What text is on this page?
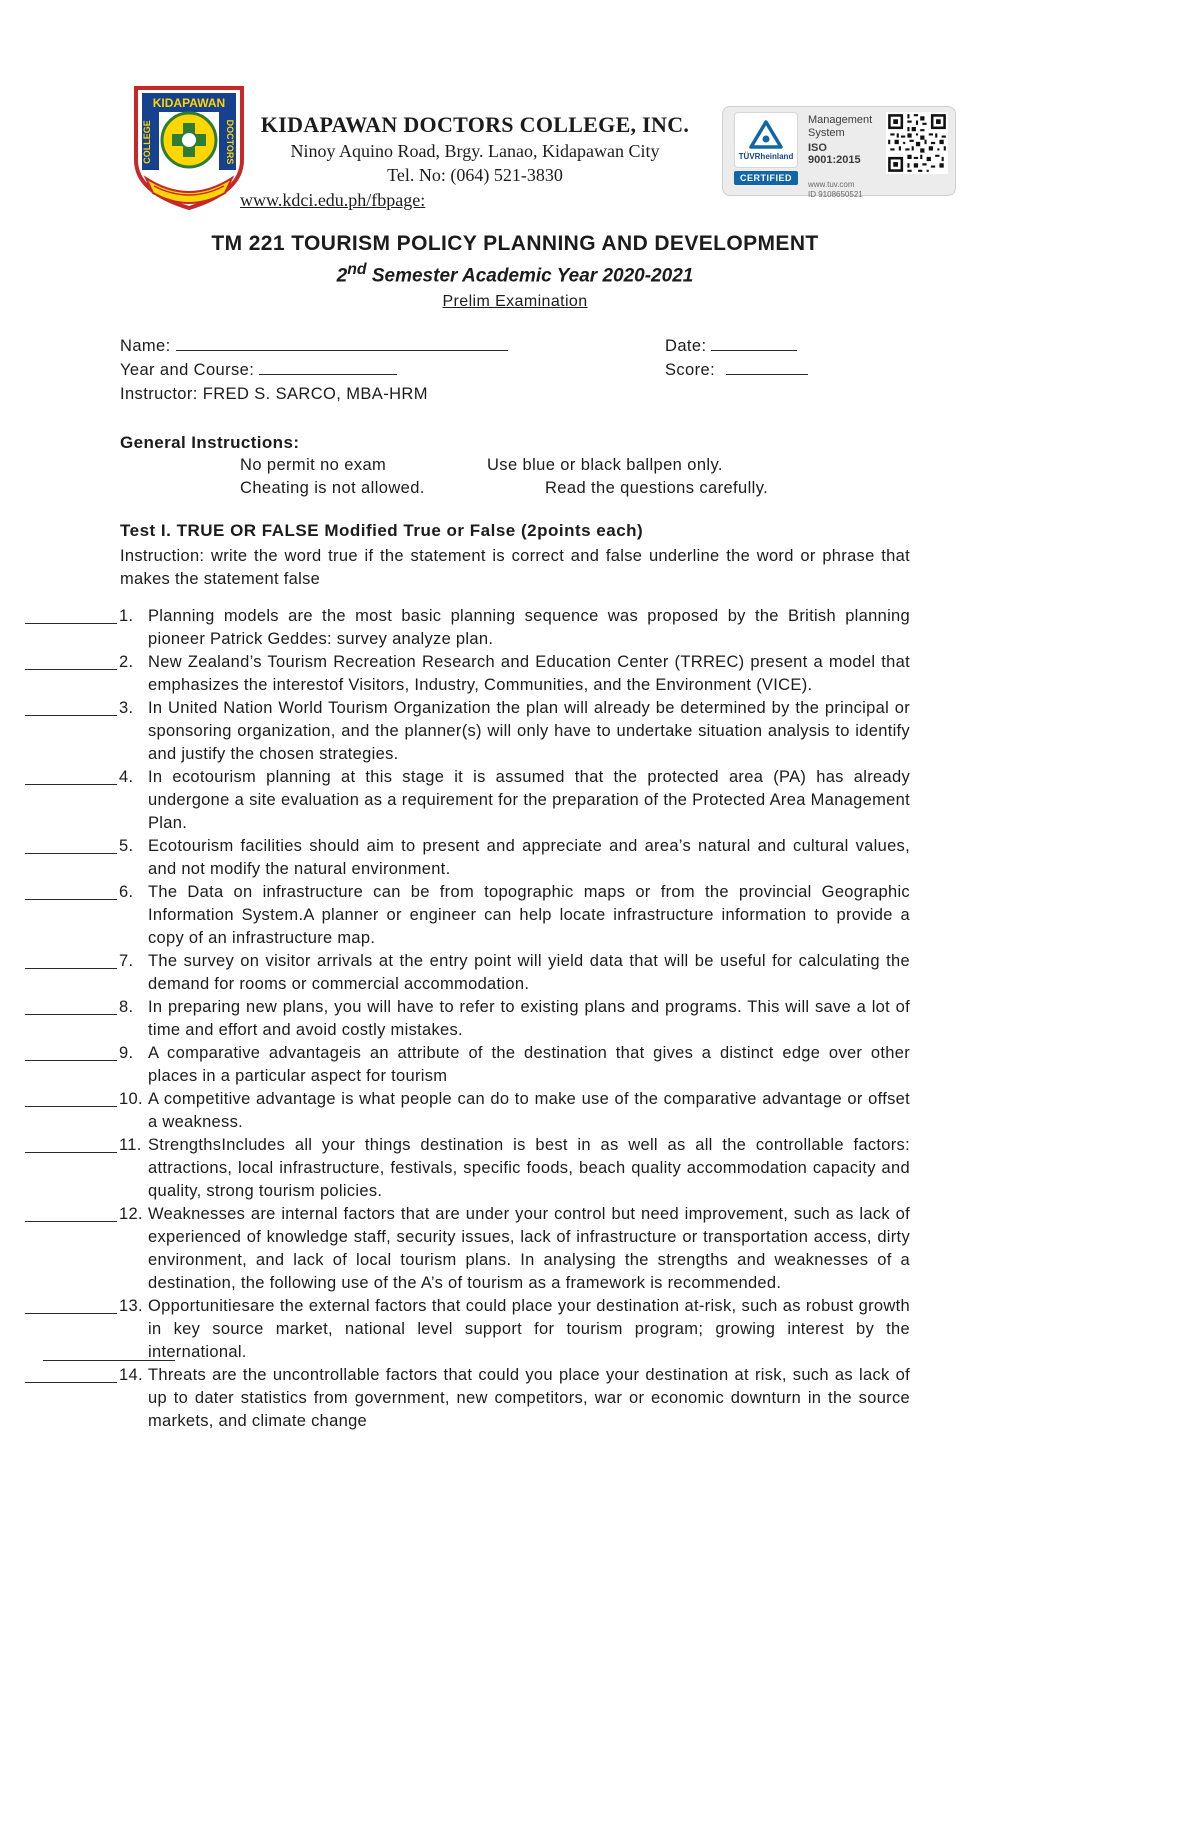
KIDAPAWAN
COLLEGE	DOCTORS	KIDAPAWAN DOCTORS COLLEGE, INC.
Ninoy Aquino Road, Brgy. Lanao, Kidapawan City
Tel. No: (064) 521-3830
www.kdci.edu.ph/fbpage:
TÜVRheinland
CERTIFIED
Management
System
ISO 9001:2015
www.tuv.com
ID 9108650521
TM 221 TOURISM POLICY PLANNING AND DEVELOPMENT
2nd Semester Academic Year 2020-2021
Prelim Examination
Name:	Date:
Year and Course:	Score:
Instructor: FRED S. SARCO, MBA-HRM
General Instructions:
No permit no exam	Use blue or black ballpen only.
Cheating is not allowed.	Read the questions carefully.
Test I. TRUE OR FALSE Modified True or False (2points each)
Instruction: write the word true if the statement is correct and false underline the word or phrase that makes the statement false
1. Planning models are the most basic planning sequence was proposed by the British planning pioneer Patrick Geddes: survey analyze plan.
2. New Zealand’s Tourism Recreation Research and Education Center (TRREC) present a model that emphasizes the interestof Visitors, Industry, Communities, and the Environment (VICE).
3. In United Nation World Tourism Organization the plan will already be determined by the principal or sponsoring organization, and the planner(s) will only have to undertake situation analysis to identify and justify the chosen strategies.
4. In ecotourism planning at this stage it is assumed that the protected area (PA) has already undergone a site evaluation as a requirement for the preparation of the Protected Area Management Plan.
5. Ecotourism facilities should aim to present and appreciate and area’s natural and cultural values, and not modify the natural environment.
6. The Data on infrastructure can be from topographic maps or from the provincial Geographic Information System.A planner or engineer can help locate infrastructure information to provide a copy of an infrastructure map.
7. The survey on visitor arrivals at the entry point will yield data that will be useful for calculating the demand for rooms or commercial accommodation.
8. In preparing new plans, you will have to refer to existing plans and programs. This will save a lot of time and effort and avoid costly mistakes.
9. A comparative advantageis an attribute of the destination that gives a distinct edge over other places in a particular aspect for tourism
10. A competitive advantage is what people can do to make use of the comparative advantage or offset a weakness.
11. StrengthsIncludes all your things destination is best in as well as all the controllable factors: attractions, local infrastructure, festivals, specific foods, beach quality accommodation capacity and quality, strong tourism policies.
12. Weaknesses are internal factors that are under your control but need improvement, such as lack of experienced of knowledge staff, security issues, lack of infrastructure or transportation access, dirty environment, and lack of local tourism plans. In analysing the strengths and weaknesses of a destination, the following use of the A’s of tourism as a framework is recommended.
13. Opportunitiesare the external factors that could place your destination at-risk, such as robust growth in key source market, national level support for tourism program; growing interest by the international.
14. Threats are the uncontrollable factors that could you place your destination at risk, such as lack of up to dater statistics from government, new competitors, war or economic downturn in the source markets, and climate change
